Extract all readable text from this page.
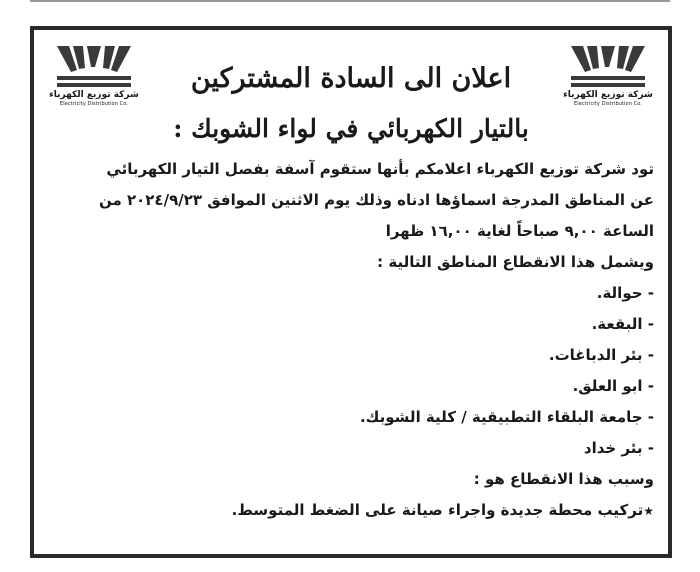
شركة توزيع الكهرباء
Electricity Distribution Co.
شركة توزيع الكهرباء
Electricity Distribution Co.
اعلان الى السادة المشتركين
بالتيار الكهربائي في لواء الشوبك :
تود شركة توزيع الكهرباء اعلامكم بأنها ستقوم آسفة بفصل التيار الكهربائي
عن المناطق المدرجة اسماؤها ادناه وذلك يوم الاثنين الموافق ٢٠٢٤/٩/٢٣ من
الساعة ٩,٠٠ صباحاً لغاية ١٦,٠٠ ظهرا
ويشمل هذا الانقطاع المناطق التالية :
- حوالة.
- البقعة.
- بئر الدباغات.
- ابو العلق.
- جامعة البلقاء التطبيقية / كلية الشوبك.
- بئر خداد
وسبب هذا الانقطاع هو :
★ تركيب محطة جديدة واجراء صيانة على الضغط المتوسط.
